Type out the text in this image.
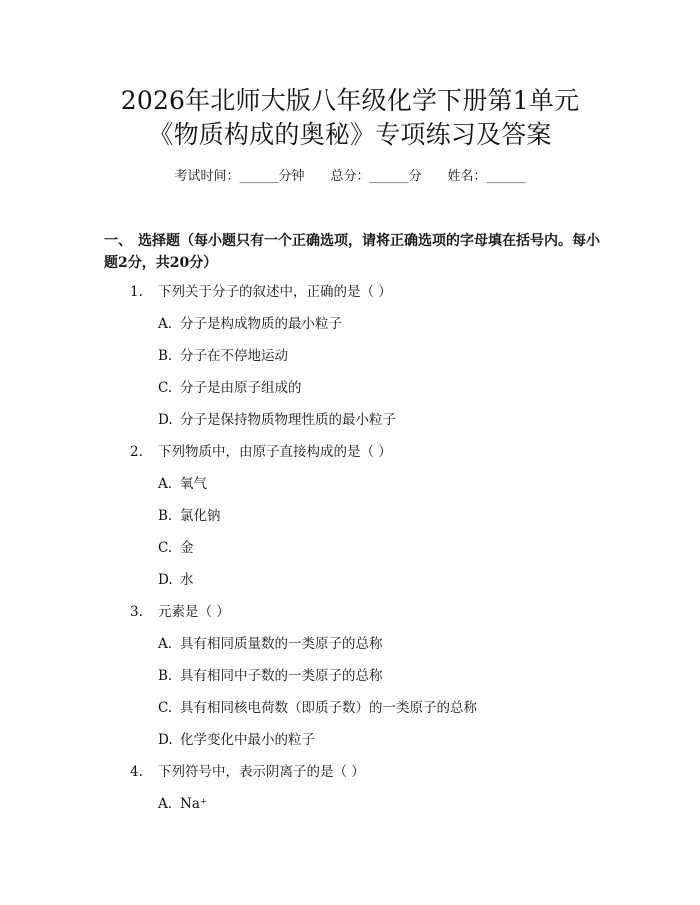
2026年北师大版八年级化学下册第1单元
《物质构成的奥秘》专项练习及答案
考试时间：______分钟 总分：______分 姓名：______
一、 选择题（每小题只有一个正确选项，请将正确选项的字母填在括号内。每小题2分，共20分）
1. 下列关于分子的叙述中，正确的是（ ）
A. 分子是构成物质的最小粒子
B. 分子在不停地运动
C. 分子是由原子组成的
D. 分子是保持物质物理性质的最小粒子
2. 下列物质中，由原子直接构成的是（ ）
A. 氧气
B. 氯化钠
C. 金
D. 水
3. 元素是（ ）
A. 具有相同质量数的一类原子的总称
B. 具有相同中子数的一类原子的总称
C. 具有相同核电荷数（即质子数）的一类原子的总称
D. 化学变化中最小的粒子
4. 下列符号中，表示阴离子的是（ ）
A. Na⁺
